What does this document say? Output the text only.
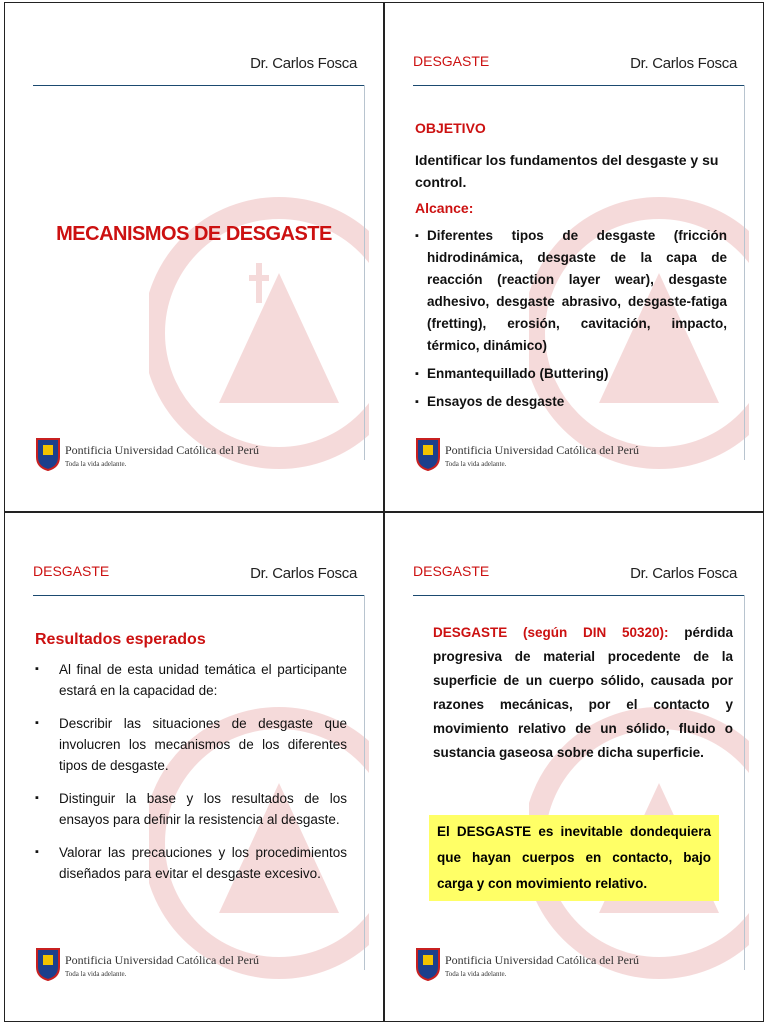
Dr. Carlos Fosca
MECANISMOS DE DESGASTE
Pontificia Universidad Católica del Perú
Toda la vida adelante.
DESGASTE	Dr. Carlos Fosca
OBJETIVO
Identificar los fundamentos del desgaste y su control.
Alcance:
▪ Diferentes tipos de desgaste (fricción hidrodinámica, desgaste de la capa de reacción (reaction layer wear), desgaste adhesivo, desgaste abrasivo, desgaste-fatiga (fretting), erosión, cavitación, impacto, térmico, dinámico)
▪ Enmantequillado (Buttering)
▪ Ensayos de desgaste
Pontificia Universidad Católica del Perú
Toda la vida adelante.
DESGASTE	Dr. Carlos Fosca
Resultados esperados
▪ Al final de esta unidad temática el participante estará en la capacidad de:
▪ Describir las situaciones de desgaste que involucren los mecanismos de los diferentes tipos de desgaste.
▪ Distinguir la base y los resultados de los ensayos para definir la resistencia al desgaste.
▪ Valorar las precauciones y los procedimientos diseñados para evitar el desgaste excesivo.
Pontificia Universidad Católica del Perú
Toda la vida adelante.
DESGASTE	Dr. Carlos Fosca
DESGASTE (según DIN 50320): pérdida progresiva de material procedente de la superficie de un cuerpo sólido, causada por razones mecánicas, por el contacto y movimiento relativo de un sólido, fluido o sustancia gaseosa sobre dicha superficie.
El DESGASTE es inevitable dondequiera que hayan cuerpos en contacto, bajo carga y con movimiento relativo.
Pontificia Universidad Católica del Perú
Toda la vida adelante.
